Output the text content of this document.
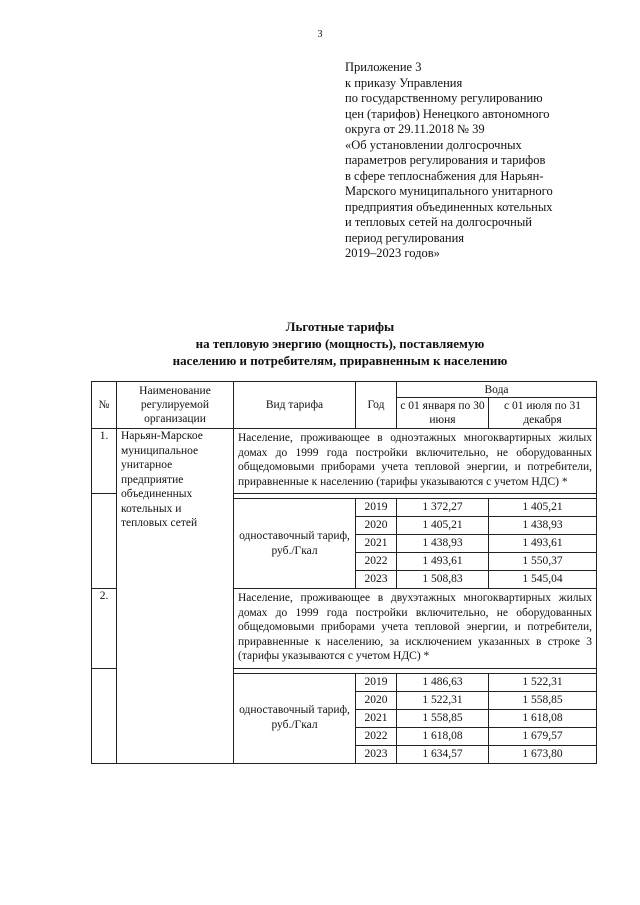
3
Приложение 3
к приказу Управления
по государственному регулированию
цен (тарифов) Ненецкого автономного
округа от 29.11.2018 № 39
«Об установлении долгосрочных
параметров регулирования и тарифов
в сфере теплоснабжения для Нарьян-
Марского муниципального унитарного
предприятия объединенных котельных
и тепловых сетей на долгосрочный
период регулирования
2019–2023 годов»
Льготные тарифы
на тепловую энергию (мощность), поставляемую
населению и потребителям, приравненным к населению
№	Наименование регулируемой организации	Вид тарифа	Год	Вода	
				с 01 января по 30 июня	с 01 июля по 31 декабря
1.	Нарьян-Марское муниципальное унитарное предприятие объединенных котельных и тепловых сетей	Население, проживающее в одноэтажных многоквартирных жилых домах до 1999 года постройки включительно, не оборудованных общедомовыми приборами учета тепловой энергии, и потребители, приравненные к населению (тарифы указываются с учетом НДС) *			

		одноставочный тариф, руб./Гкал	2019	1 372,27	1 405,21
			2020	1 405,21	1 438,93
			2021	1 438,93	1 493,61
			2022	1 493,61	1 550,37
			2023	1 508,83	1 545,04
2.		Население, проживающее в двухэтажных многоквартирных жилых домах до 1999 года постройки включительно, не оборудованных общедомовыми приборами учета тепловой энергии, и потребители, приравненные к населению, за исключением указанных в строке 3 (тарифы указываются с учетом НДС) *			

		одноставочный тариф, руб./Гкал	2019	1 486,63	1 522,31
			2020	1 522,31	1 558,85
			2021	1 558,85	1 618,08
			2022	1 618,08	1 679,57
			2023	1 634,57	1 673,80
